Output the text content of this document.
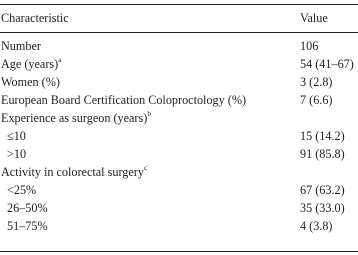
Characteristic	Value
Number	106
Age (years)$^a$	54 (41–67)
Women (%)	3 (2.8)
European Board Certification Coloproctology (%)	7 (6.6)
Experience as surgeon (years)$^b$
≤10	15 (14.2)
>10	91 (85.8)
Activity in colorectal surgery$^c$
<25%	67 (63.2)
26–50%	35 (33.0)
51–75%	4 (3.8)
